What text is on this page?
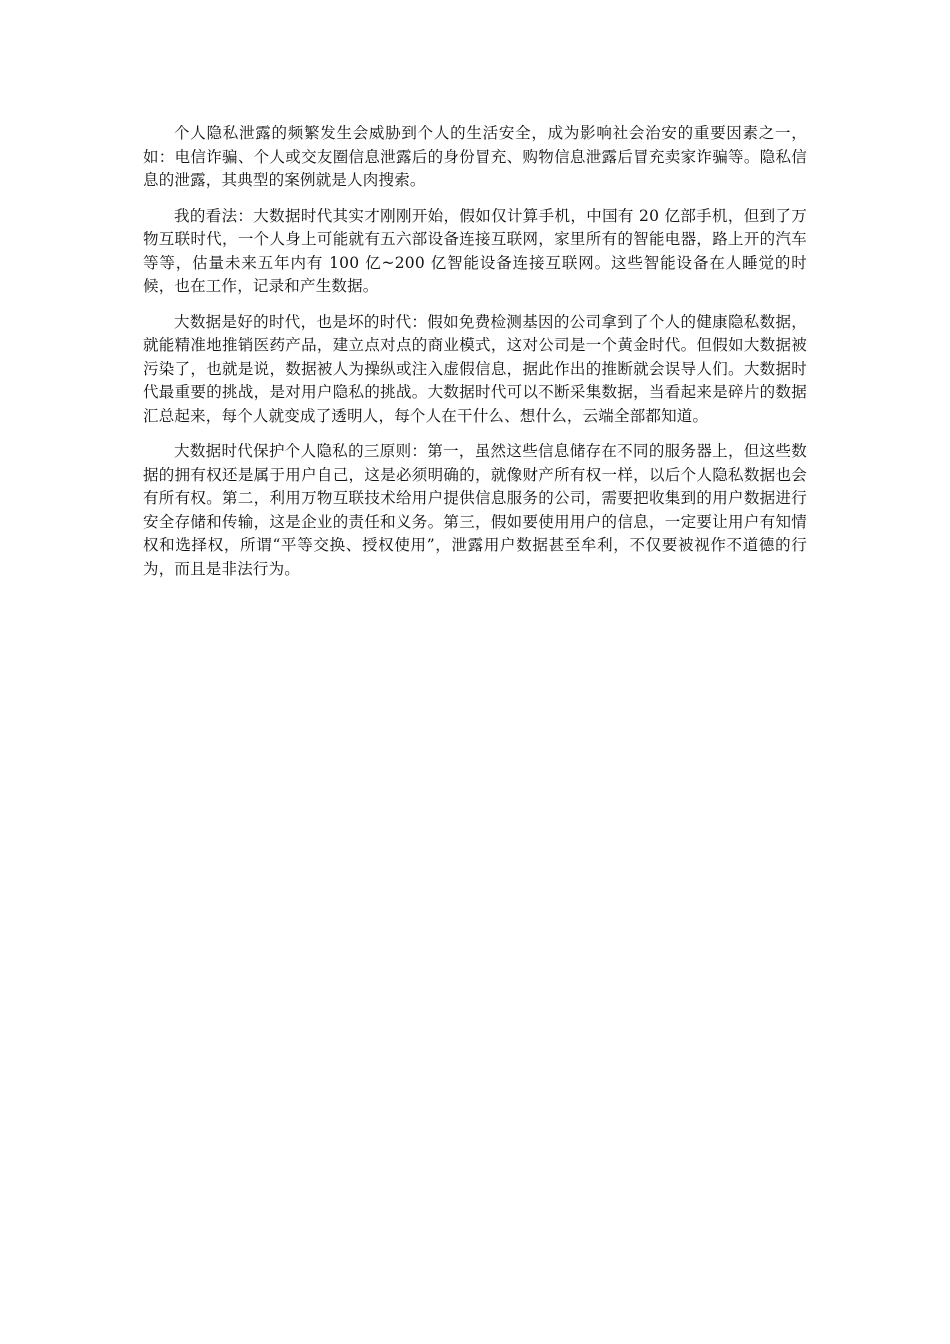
个人隐私泄露的频繁发生会威胁到个人的生活安全，成为影响社会治安的重要因素之一，如：电信诈骗、个人或交友圈信息泄露后的身份冒充、购物信息泄露后冒充卖家诈骗等。隐私信息的泄露，其典型的案例就是人肉搜索。

我的看法：大数据时代其实才刚刚开始，假如仅计算手机，中国有 20 亿部手机，但到了万物互联时代，一个人身上可能就有五六部设备连接互联网，家里所有的智能电器，路上开的汽车等等，估量未来五年内有 100 亿~200 亿智能设备连接互联网。这些智能设备在人睡觉的时候，也在工作，记录和产生数据。

大数据是好的时代，也是坏的时代：假如免费检测基因的公司拿到了个人的健康隐私数据，就能精准地推销医药产品，建立点对点的商业模式，这对公司是一个黄金时代。但假如大数据被污染了，也就是说，数据被人为操纵或注入虚假信息，据此作出的推断就会误导人们。大数据时代最重要的挑战，是对用户隐私的挑战。大数据时代可以不断采集数据，当看起来是碎片的数据汇总起来，每个人就变成了透明人，每个人在干什么、想什么，云端全部都知道。

大数据时代保护个人隐私的三原则：第一，虽然这些信息储存在不同的服务器上，但这些数据的拥有权还是属于用户自己，这是必须明确的，就像财产所有权一样，以后个人隐私数据也会有所有权。第二，利用万物互联技术给用户提供信息服务的公司，需要把收集到的用户数据进行安全存储和传输，这是企业的责任和义务。第三，假如要使用用户的信息，一定要让用户有知情权和选择权，所谓“平等交换、授权使用”，泄露用户数据甚至牟利，不仅要被视作不道德的行为，而且是非法行为。
